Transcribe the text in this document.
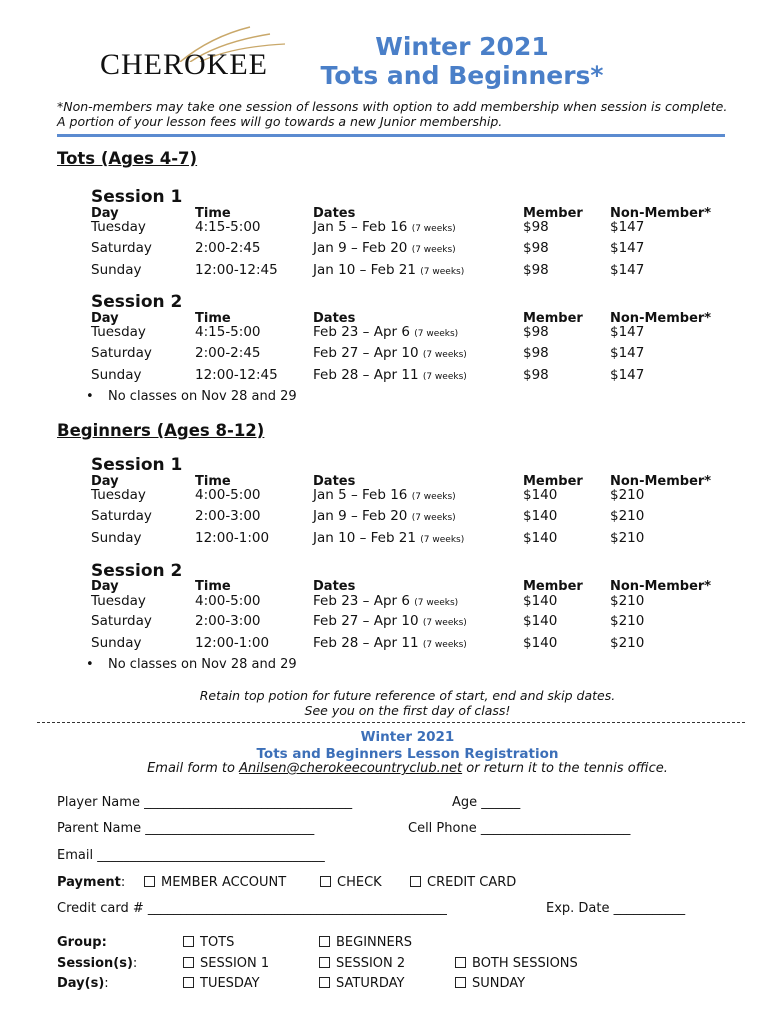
CHEROKEE
Winter 2021
Tots and Beginners*
*Non-members may take one session of lessons with option to add membership when session is complete. A portion of your lesson fees will go towards a new Junior membership.
Tots (Ages 4-7)
Session 1
Day	Time	Dates	Member Non-Member*
Tuesday	4:15-5:00	Jan 5 – Feb 16 (7 weeks)	$98	$147
Saturday	2:00-2:45	Jan 9 – Feb 20 (7 weeks)	$98	$147
Sunday	12:00-12:45	Jan 10 – Feb 21 (7 weeks)	$98	$147
Session 2
Day	Time	Dates	Member Non-Member*
Tuesday	4:15-5:00	Feb 23 – Apr 6 (7 weeks)	$98	$147
Saturday	2:00-2:45	Feb 27 – Apr 10 (7 weeks)	$98	$147
Sunday	12:00-12:45	Feb 28 – Apr 11 (7 weeks)	$98	$147
• No classes on Nov 28 and 29
Beginners (Ages 8-12)
Session 1
Day	Time	Dates	Member Non-Member*
Tuesday	4:00-5:00	Jan 5 – Feb 16 (7 weeks)	$140	$210
Saturday	2:00-3:00	Jan 9 – Feb 20 (7 weeks)	$140	$210
Sunday	12:00-1:00	Jan 10 – Feb 21 (7 weeks)	$140	$210
Session 2
Day	Time	Dates	Member Non-Member*
Tuesday	4:00-5:00	Feb 23 – Apr 6 (7 weeks)	$140	$210
Saturday	2:00-3:00	Feb 27 – Apr 10 (7 weeks)	$140	$210
Sunday	12:00-1:00	Feb 28 – Apr 11 (7 weeks)	$140	$210
• No classes on Nov 28 and 29
Retain top potion for future reference of start, end and skip dates.
See you on the first day of class!
Winter 2021
Tots and Beginners Lesson Registration
Email form to Anilsen@cherokeecountryclub.net or return it to the tennis office.
Player Name ________________________________	Age ______
Parent Name __________________________	Cell Phone _______________________
Email ___________________________________
Payment:	MEMBER ACCOUNT	CHECK	CREDIT CARD
Credit card # ______________________________________________	Exp. Date ___________
Group:	TOTS	BEGINNERS
Session(s):	SESSION 1	SESSION 2	BOTH SESSIONS
Day(s):	TUESDAY	SATURDAY	SUNDAY
